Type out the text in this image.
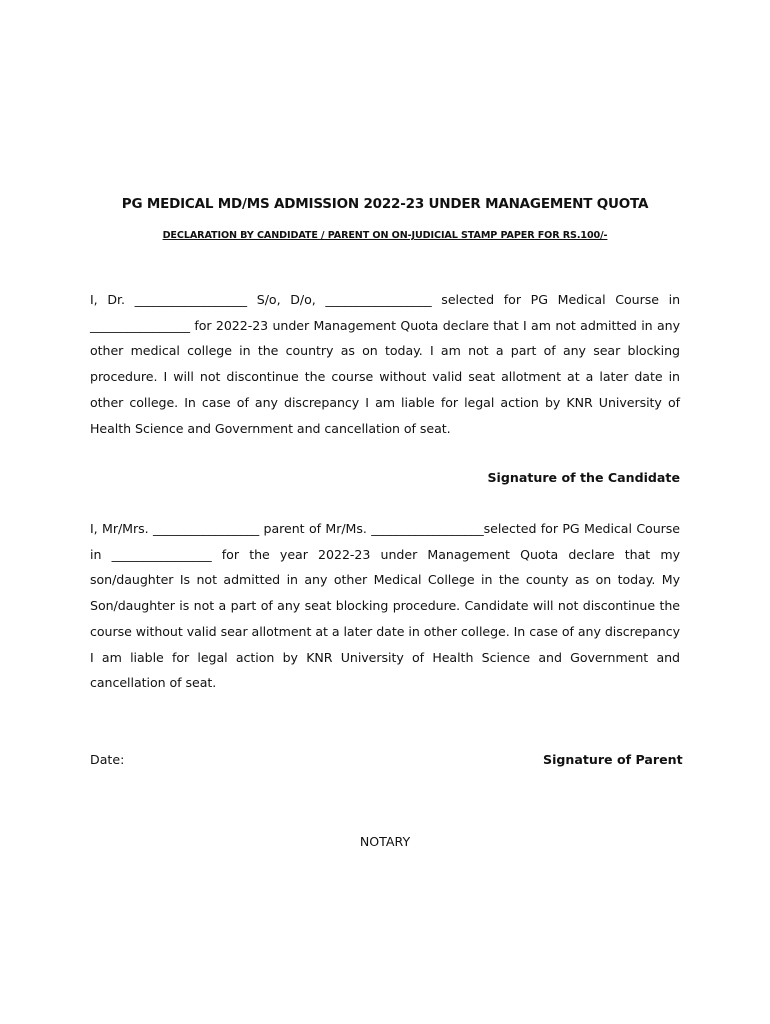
PG MEDICAL MD/MS ADMISSION 2022-23 UNDER MANAGEMENT QUOTA
DECLARATION BY CANDIDATE / PARENT ON ON-JUDICIAL STAMP PAPER FOR RS.100/-

I, Dr. __________________ S/o, D/o, _________________ selected for PG Medical Course in ________________ for 2022-23 under Management Quota declare that I am not admitted in any other medical college in the country as on today. I am not a part of any sear blocking procedure. I will not discontinue the course without valid seat allotment at a later date in other college. In case of any discrepancy I am liable for legal action by KNR University of Health Science and Government and cancellation of seat.

Signature of the Candidate

I, Mr/Mrs. _________________ parent of Mr/Ms. __________________selected for PG Medical Course in ________________ for the year 2022-23 under Management Quota declare that my son/daughter Is not admitted in any other Medical College in the county as on today. My Son/daughter is not a part of any seat blocking procedure. Candidate will not discontinue the course without valid sear allotment at a later date in other college. In case of any discrepancy I am liable for legal action by KNR University of Health Science and Government and cancellation of seat.

Date:	Signature of Parent
NOTARY
